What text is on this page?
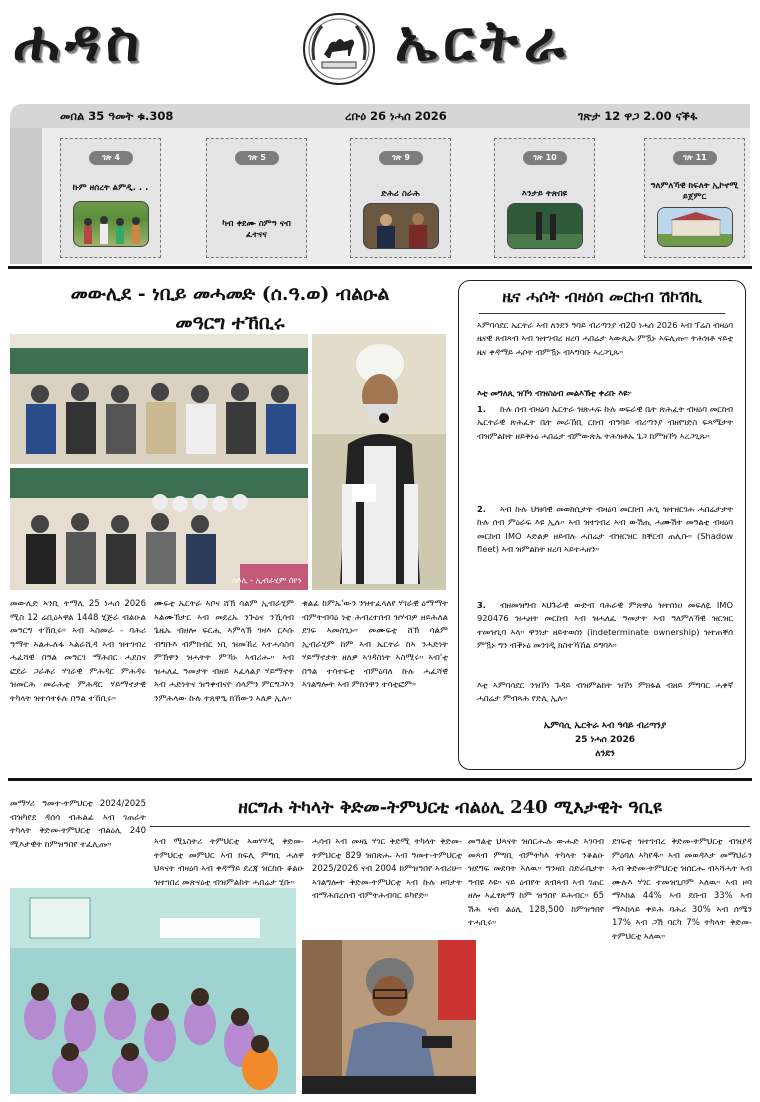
ሐዳስ	ኤርትራ
መበል 35 ዓመት ቁ.308	ረቡዕ 26 ነሓሰ 2026	ገጽታ 12 ዋጋ 2.00 ናቕፋ
ገጽ 4
ኩም ዘሰረት ልምዲ. . .
ገጽ 5
ካብ ቀደሙ ስምዓ ናብ ፈተናና
ገጽ 9
ድሕሪ ስራሕ
ገጽ 10
እንታይ ትጽበዩ
ገጽ 11
ዓለምለኻዊ ክፍለት ኢኮኖሚ ይጀምር
መውሊደ - ነቢይ መሓመድ (ሰ.ዓ.ወ) ብልዑል
መዓርግ ተኸቢሩ
ስእሊ - ኢብራሂም በየን
መውሊድ ኣንቢ ትማሊ 25 ነሓሰ 2026 ሚስ 12 ሬቢዕኣዋል 1448 ሂጅራ ብልዑል መዓርግ ተኸቢሩ። ኣብ ኣስመራ - ባሕሪ ዓማት ኣልሑሉፋ ኣልራሺዳ ኣብ ዝተገብረ ሓፈሻዊ በዓል መዓርገ ማሕበር ሓደስና ፎደራ ጋራቶሪ ሃገራዊ ምሕዳር ምሕዳሩ ዝመርሕ መራሕቲ ምሕዳር ሃይማኖታዊ ትካላት ዝተሳተፉሉ በዓል ተኸቢሩ።
ሙፍቲ ኤርትራ ኣቦና ሸኽ ሳልም ኢብራሂም ኣልሙኽታር ኣብ መደረኡ ንጕዕና ንኺሳብ ጌዜኡ ብዘሎ ፍርሒ ኣምላኽ ገዛእ ርእሱ ብግቡእ ብምክብር ነቢ ዝመኸረ ኣተሓሳስባ ምኽዋን ዝሓትት ምኻኑ ኣብሪሑ። ኣብ ዝሓለፈ ዓመታት ብዘይ ኣፈላልያ ሃይማኖት ኣብ ሓድነትና ዝዓቀብናዮ ሰላምን ምርግጋእን ንምሕላው ኩሉ ተጸዋዒ ክኸውን ኣለዎ ኢሉ።
ቁልፊ ከምኡ'ውን ንዝተፈላለየ ሃገራዊ ዕማማት ብምትብባዕ ነቲ ሕብረተሰብ ዝሃብዎ ዘይሕለል ደገፍ ኣመስጊኑ። መሙፍቲ ሸኽ ሳልም ኢብራሂም ከም ኣብ ኤርትራ ከኣ ንሓድነት ሃይማኖታት ዘለዎ ኣገዳስነት ኣስሚሩ። ኣብ'ቲ በዓል ተሳተፍቲ ብምዕባለ ኩሉ ሓፈሻዊ ኣገልግሎት ኣብ ምክንዋን ተሳቲፎም።
ዜና ሓሶት ብዛዕባ መርከብ ሽኮሽኪ
ኣምባሳደር ኤርትራ ኣብ ለንደን ዓባይ ብሪጣንያ ብ20 ነሓሰ 2026 ኣብ ፕሬስ ብዛዕባ ዜናዊ ጸብጻብ ኣብ ዝተገብረ ዘረባ ሓበሬታ ኣውጺኡ ምዃኑ ኣፍሊጡ። ትሕዝቶ ናይቲ ዜና ቀዳማይ ሓሶት ብምዃኑ ብኣግባቡ ኣረጋጊጹ።
እቲ መግለጺ ዝኾነ ብዝስዕብ መልእኽቲ ቀሪቡ እዩ፦
1. ኩሉ ሰብ ብዛዕባ ኤርትራ ዝጽሓፍ ኩሉ ወፍራዊ ቤት ጽሕፈት ብዛዕባ መርከብ ኤርትራዊ ጽሕፈት ቤት መራኸቢ ርክብ ብዓባይ ብሪጣንያ ብዘየገድስ ፍጻሜታት ብዝምልከት ዘይቅኑዕ ሓበሬታ ብምውጽኡ ትሕዝቶኡ ጌጋ ከምዝኾነ ኣረጋጊጹ።
2. ኣብ ኩሉ ህዝባዊ መወከሲታት ብዛዕባ መርከብ ሕጊ ዝተዘርገሐ ሓበሬታታት ኩሉ ሰብ ምዕራፍ እዩ ኢሉ። ኣብ ዝተገብረ ኣብ ውሽጢ ሓሙሽተ መዓልቲ ብዛዕባ መርከብ IMO ኣድልዎ ዘይብሉ ሓበሬታ ብዝርዝር ክቐርብ ጠሊቡ። (Shadow fleet) ኣብ ዝምልከት ዘረባ ኣይተሓዘን።
3. ብዘመዝግብ ኣህጉራዊ ውድብ ባሕራዊ ምጽዋዕ ዝተሰነዐ መፍለዪ IMO 920476 ዝሓዘት መርከብ ኣብ ዝሓለፈ ዓመታት ኣብ ዓለምለኻዊ ዝርዝር ተመዝጊባ ኣላ። ዋንነታ ዘይተወሰነ (indeterminate ownership) ዝተጠቐሰ ምዃኑ ግን ብቕኑዕ መንገዲ ክስተኻኸል ይግባእ።
እቲ ኣምባሳደር ንዝኾነ ጉዳይ ብዝምልከት ዝኾነ ምክፋል ብዘይ ምግባር ሓቀኛ ሓበሬታ ምብጻሕ የድሊ ኢሉ።
ኤምባሲ ኤርትራ ኣብ ዓባይ ብሪጣንያ
25 ነሓሰ 2026
ለንደን
ዘርግሐ ትካላት ቅድመ-ትምህርቲ ብልዕሊ 240 ሚእታዊት ዓቢዩ
መማሃሪ ዓመተ-ትምህርቲ 2024/2025 ብዝካየደ ዳሰሳ ብሕልፊ ኣብ ገጠራት ትካላት ቅድመ-ትምህርቲ ብልዕሊ 240 ሚእታዊት ከምዝዓበየ ተፈሊጡ።	ኣብ ሚኒስትሪ ትምህርቲ ኣወሃሃዲ ቅድመ-ትምህርቲ መምህር ኣብ ክፍሊ ምግቢ ሓለዋ ህጻናት ብዛዕባ ኣብ ቀዳማይ ደረጃ ዝርከቡ ቆልዑ ዝተገበረ መጽናዕቲ ብዝምልከት ሓበሬታ ሂቡ።
ሓሳብ ኣብ መዛኒ ሃገር ቅድሚ ትካላት ቅድመ-ትምህርቲ 829 ዝበጽሑ ኣብ ዓመተ-ትምህርቲ 2025/2026 ናብ 2004 ከምዝዓበየ ኣብሪሁ። ኣገልግሎት ቅድመ-ትምህርቲ ኣብ ኩሉ ዞባታት ብማሕበረሰብ ብምትሕብባር ይካየድ።
መዓልቲ ህጻናት ዝሰርሑሉ ውሑድ ኣገባብ መጻብ ምግቢ ብምትካእ ትካላት ንቆልዑ ዝደግፍ መደባት ኣለዉ። ግንዛበ ስድራቤታት ዓብዩ እዩ። ናይ ዕብየት ጸብጻብ ኣብ ገጠር ዘሎ ኣፈፃጽማ ከም ዝዓበየ ይሕብር። 65 ሽሕ ናብ ልዕሊ 128,500 ከምዝዓበየ ተሓቢሩ።
ደገፍቲ ዝተገብረ ቅድመ-ትምህርቲ ብዝያዳ ምዕባለ ኣካየዱ። ኣብ መወዳእታ መማህራን ኣብ ቅድመ-ትምህርቲ ዝሰርሑ ብኣሻሓት ኣብ ሙሉእ ሃገር ተመዝጊቦም ኣለዉ። ኣብ ዞባ ማእከል 44% ኣብ ደቡብ 33% ኣብ ማእከላይ ቀይሕ ባሕሪ 30% ኣብ ሰሜን 17% ኣብ ጋሽ ባርካ 7% ትካላት ቅድመ-ትምህርቲ ኣለዉ።
